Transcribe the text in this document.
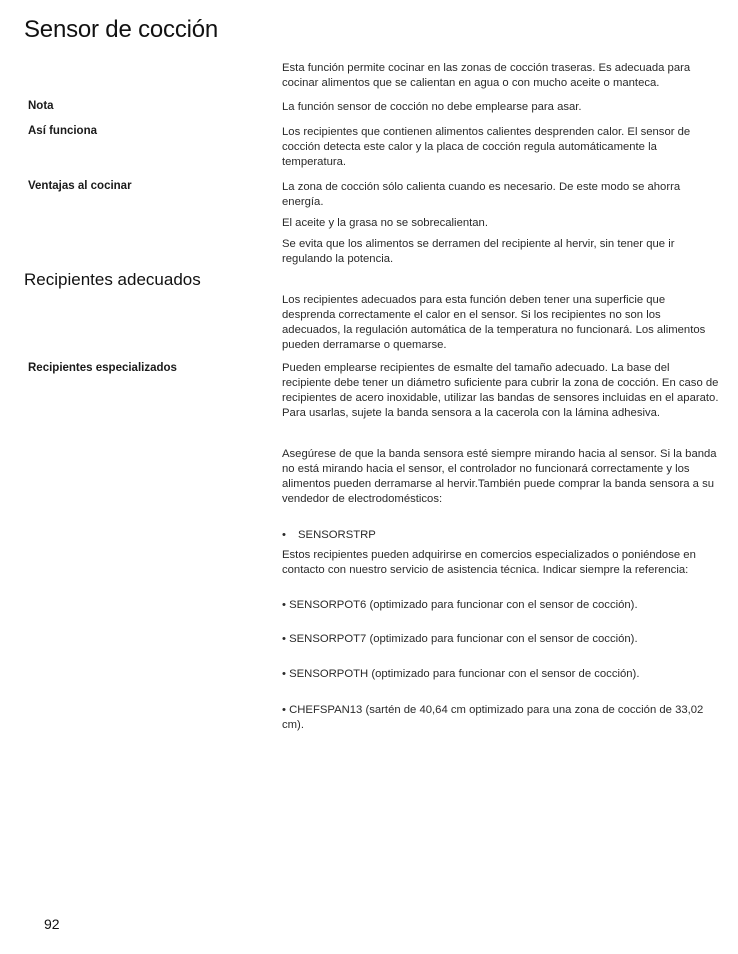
Sensor de cocción
Esta función permite cocinar en las zonas de cocción traseras. Es adecuada para cocinar alimentos que se calientan en agua o con mucho aceite o manteca.
Nota	La función sensor de cocción no debe emplearse para asar.
Así funciona	Los recipientes que contienen alimentos calientes desprenden calor. El sensor de cocción detecta este calor y la placa de cocción regula automáticamente la temperatura.
Ventajas al cocinar	La zona de cocción sólo calienta cuando es necesario. De este modo se ahorra energía.
El aceite y la grasa no se sobrecalientan.
Se evita que los alimentos se derramen del recipiente al hervir, sin tener que ir regulando la potencia.
Recipientes adecuados
Los recipientes adecuados para esta función deben tener una superficie que desprenda correctamente el calor en el sensor. Si los recipientes no son los adecuados, la regulación automática de la temperatura no funcionará. Los alimentos pueden derramarse o quemarse.
Recipientes especializados	Pueden emplearse recipientes de esmalte del tamaño adecuado. La base del recipiente debe tener un diámetro suficiente para cubrir la zona de cocción. En caso de recipientes de acero inoxidable, utilizar las bandas de sensores incluidas en el aparato. Para usarlas, sujete la banda sensora a la cacerola con la lámina adhesiva.
Asegúrese de que la banda sensora esté siempre mirando hacia al sensor. Si la banda no está mirando hacia el sensor, el controlador no funcionará correctamente y los alimentos pueden derramarse al hervir.También puede comprar la banda sensora a su vendedor de electrodomésticos:
• SENSORSTRP
Estos recipientes pueden adquirirse en comercios especializados o poniéndose en contacto con nuestro servicio de asistencia técnica. Indicar siempre la referencia:
• SENSORPOT6 (optimizado para funcionar con el sensor de cocción).
• SENSORPOT7 (optimizado para funcionar con el sensor de cocción).
• SENSORPOTH (optimizado para funcionar con el sensor de cocción).
• CHEFSPAN13 (sartén de 40,64 cm optimizado para una zona de cocción de 33,02 cm).
92
